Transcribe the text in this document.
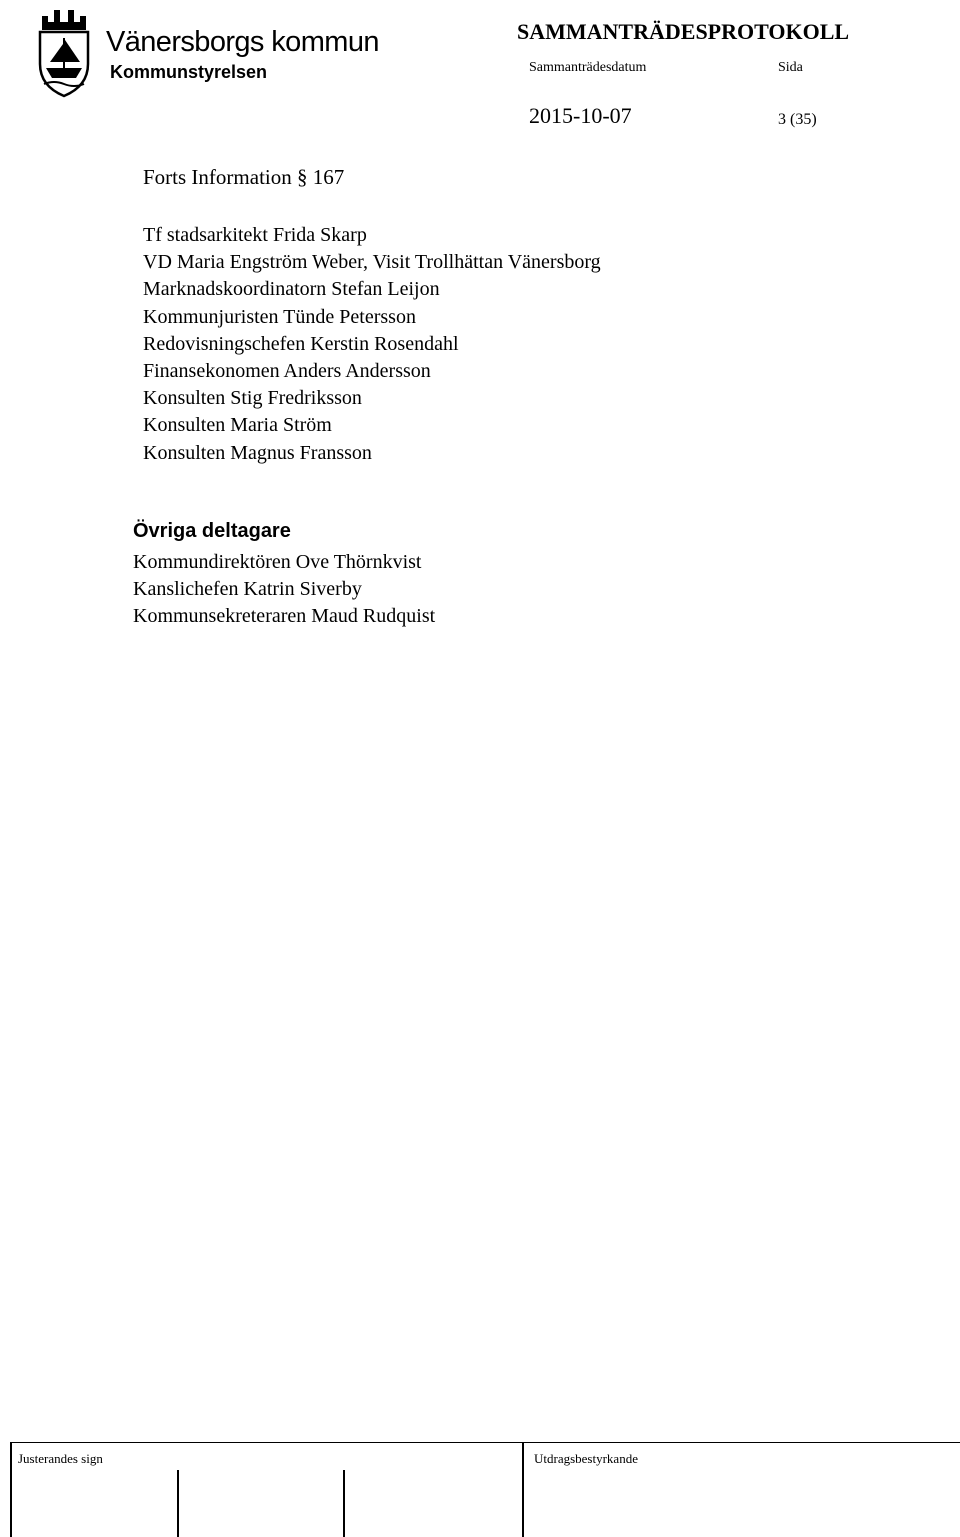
Vänersborgs kommun
Kommunstyrelsen
SAMMANTRÄDESPROTOKOLL
Sammanträdesdatum	Sida
2015-10-07	3 (35)
Forts Information § 167
Tf stadsarkitekt Frida Skarp
VD Maria Engström Weber, Visit Trollhättan Vänersborg
Marknadskoordinatorn Stefan Leijon
Kommunjuristen Tünde Petersson
Redovisningschefen Kerstin Rosendahl
Finansekonomen Anders Andersson
Konsulten Stig Fredriksson
Konsulten Maria Ström
Konsulten Magnus Fransson
Övriga deltagare
Kommundirektören Ove Thörnkvist
Kanslichefen Katrin Siverby
Kommunsekreteraren Maud Rudquist
Justerandes sign	Utdragsbestyrkande
